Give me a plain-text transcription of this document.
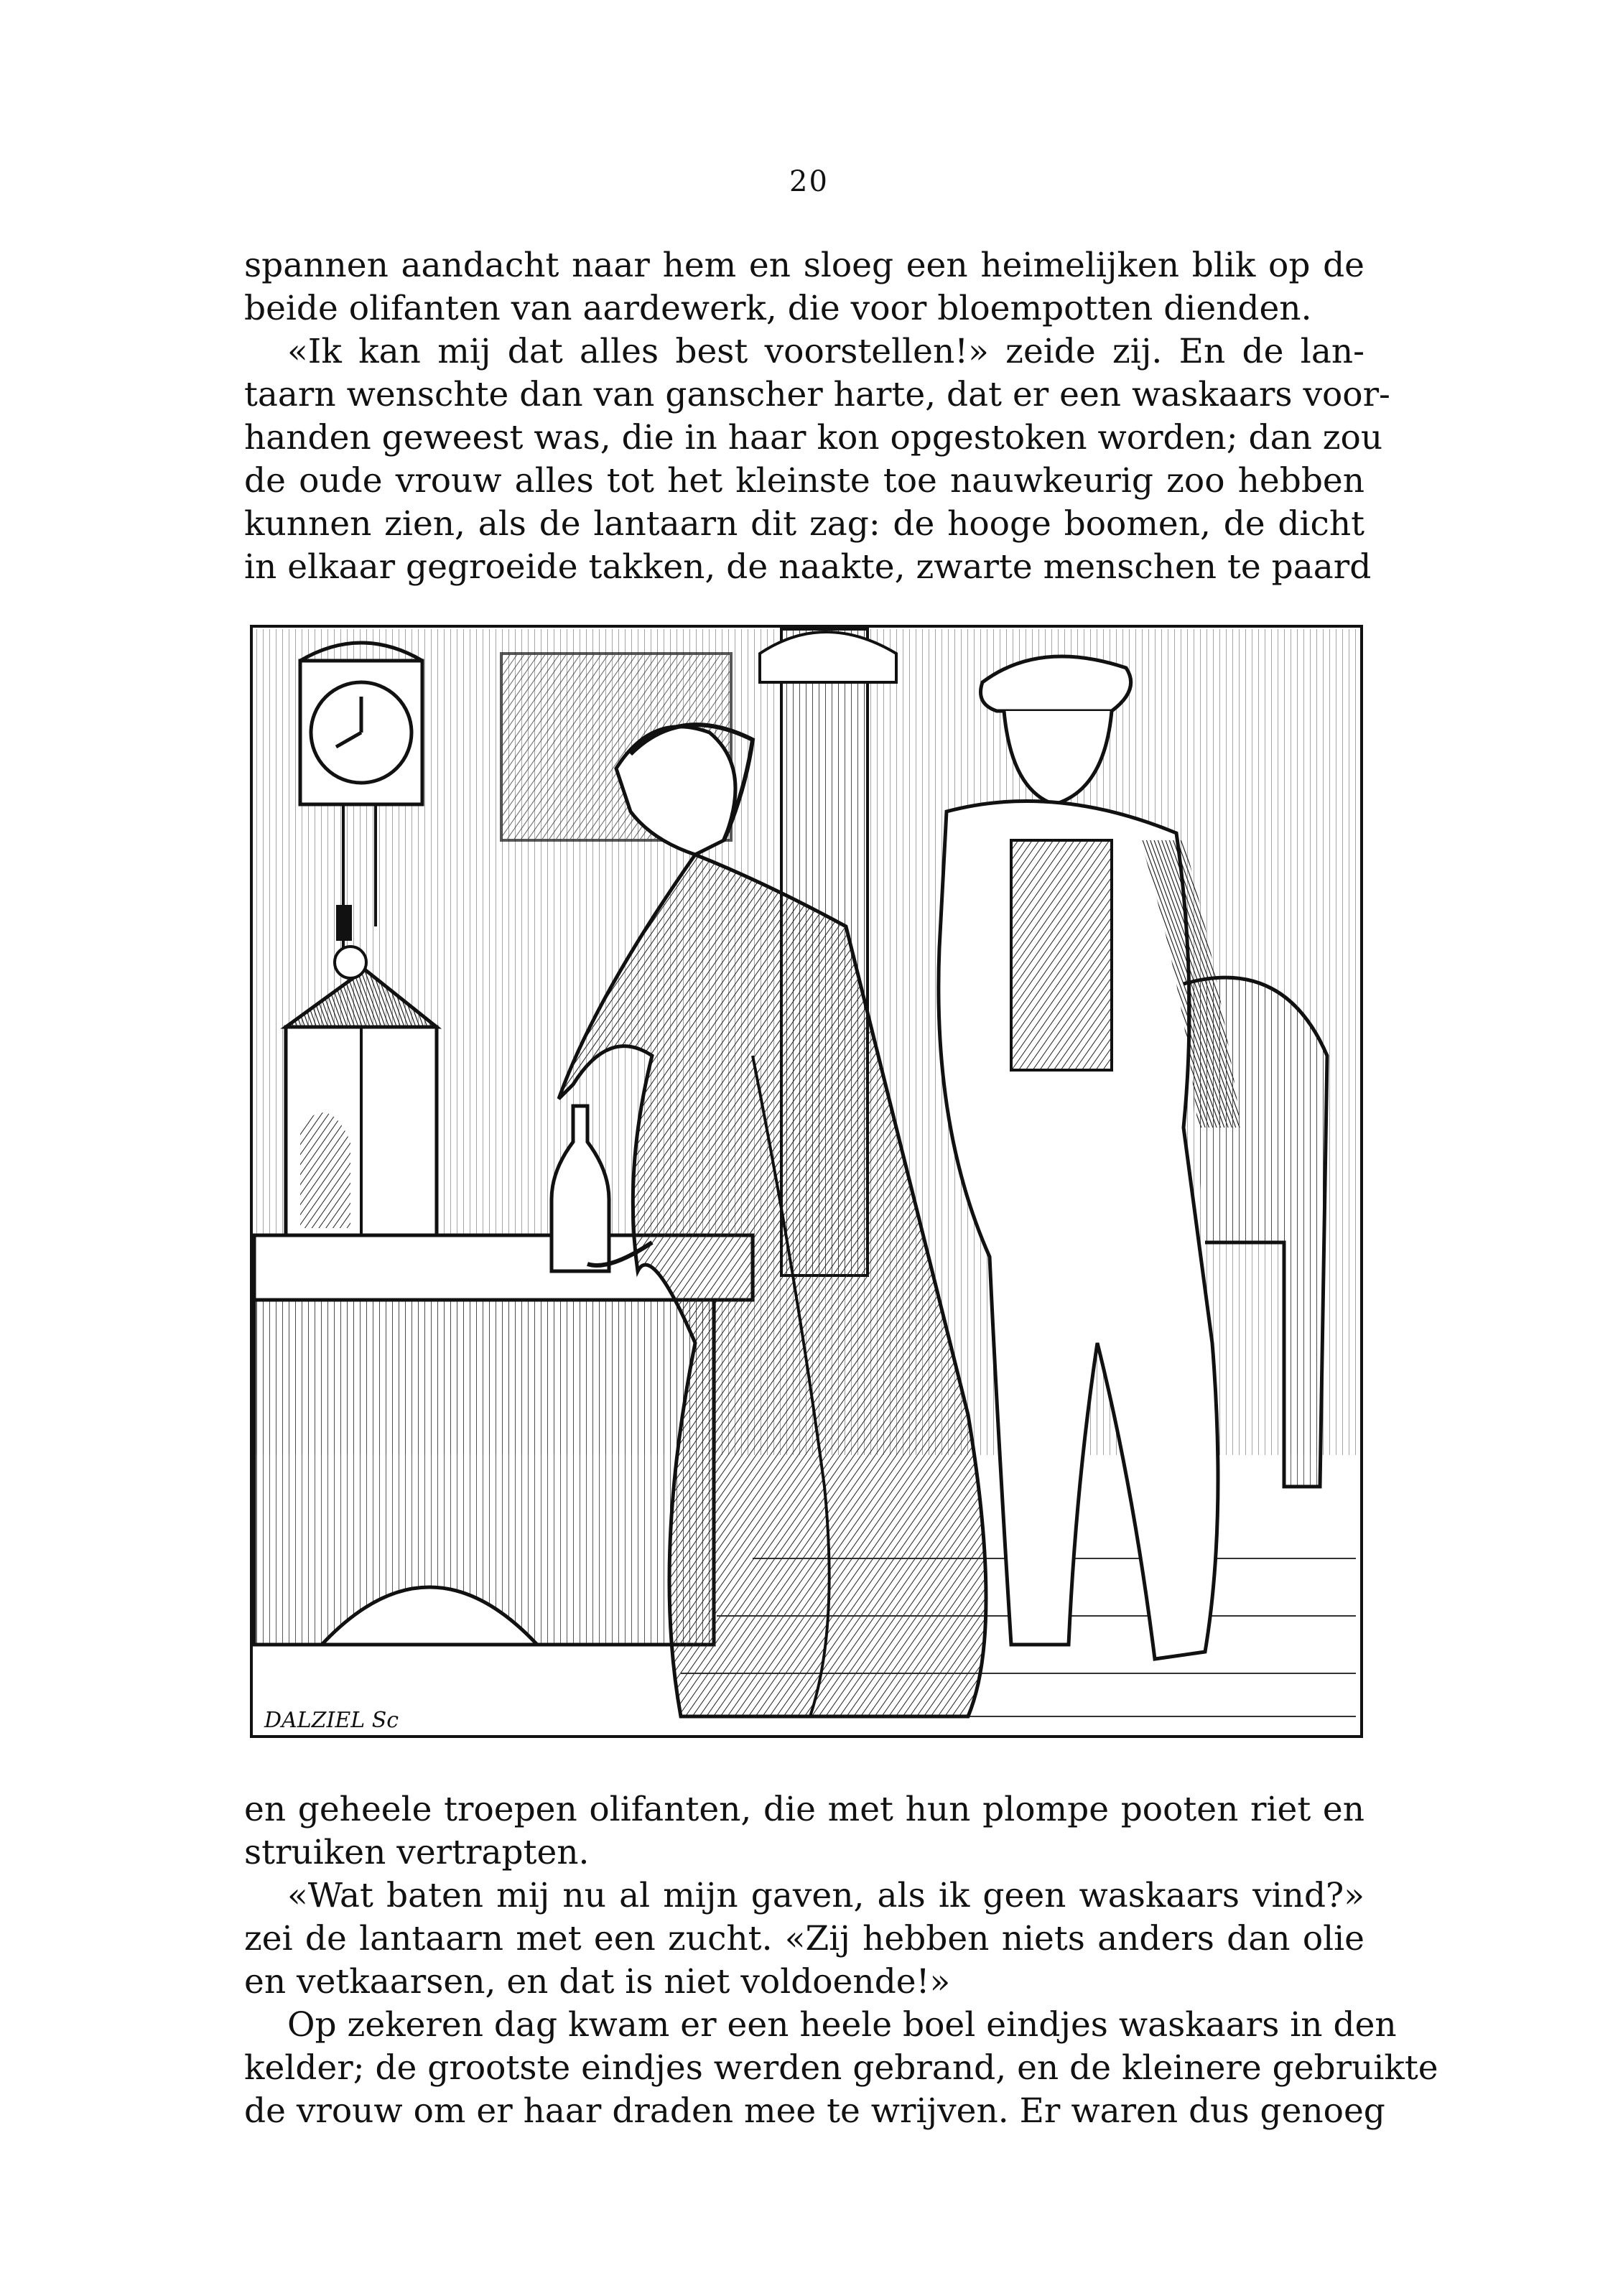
20
spannen aandacht naar hem en sloeg een heimelijken blik op de
beide olifanten van aardewerk, die voor bloempotten dienden.
«Ik kan mij dat alles best voorstellen!» zeide zij. En de lan-
taarn wenschte dan van ganscher harte, dat er een waskaars voor-
handen geweest was, die in haar kon opgestoken worden; dan zou
de oude vrouw alles tot het kleinste toe nauwkeurig zoo hebben
kunnen zien, als de lantaarn dit zag: de hooge boomen, de dicht
in elkaar gegroeide takken, de naakte, zwarte menschen te paard
DALZIEL Sc
en geheele troepen olifanten, die met hun plompe pooten riet en
struiken vertrapten.
«Wat baten mij nu al mijn gaven, als ik geen waskaars vind?»
zei de lantaarn met een zucht. «Zij hebben niets anders dan olie
en vetkaarsen, en dat is niet voldoende!»
Op zekeren dag kwam er een heele boel eindjes waskaars in den
kelder; de grootste eindjes werden gebrand, en de kleinere gebruikte
de vrouw om er haar draden mee te wrijven. Er waren dus genoeg
